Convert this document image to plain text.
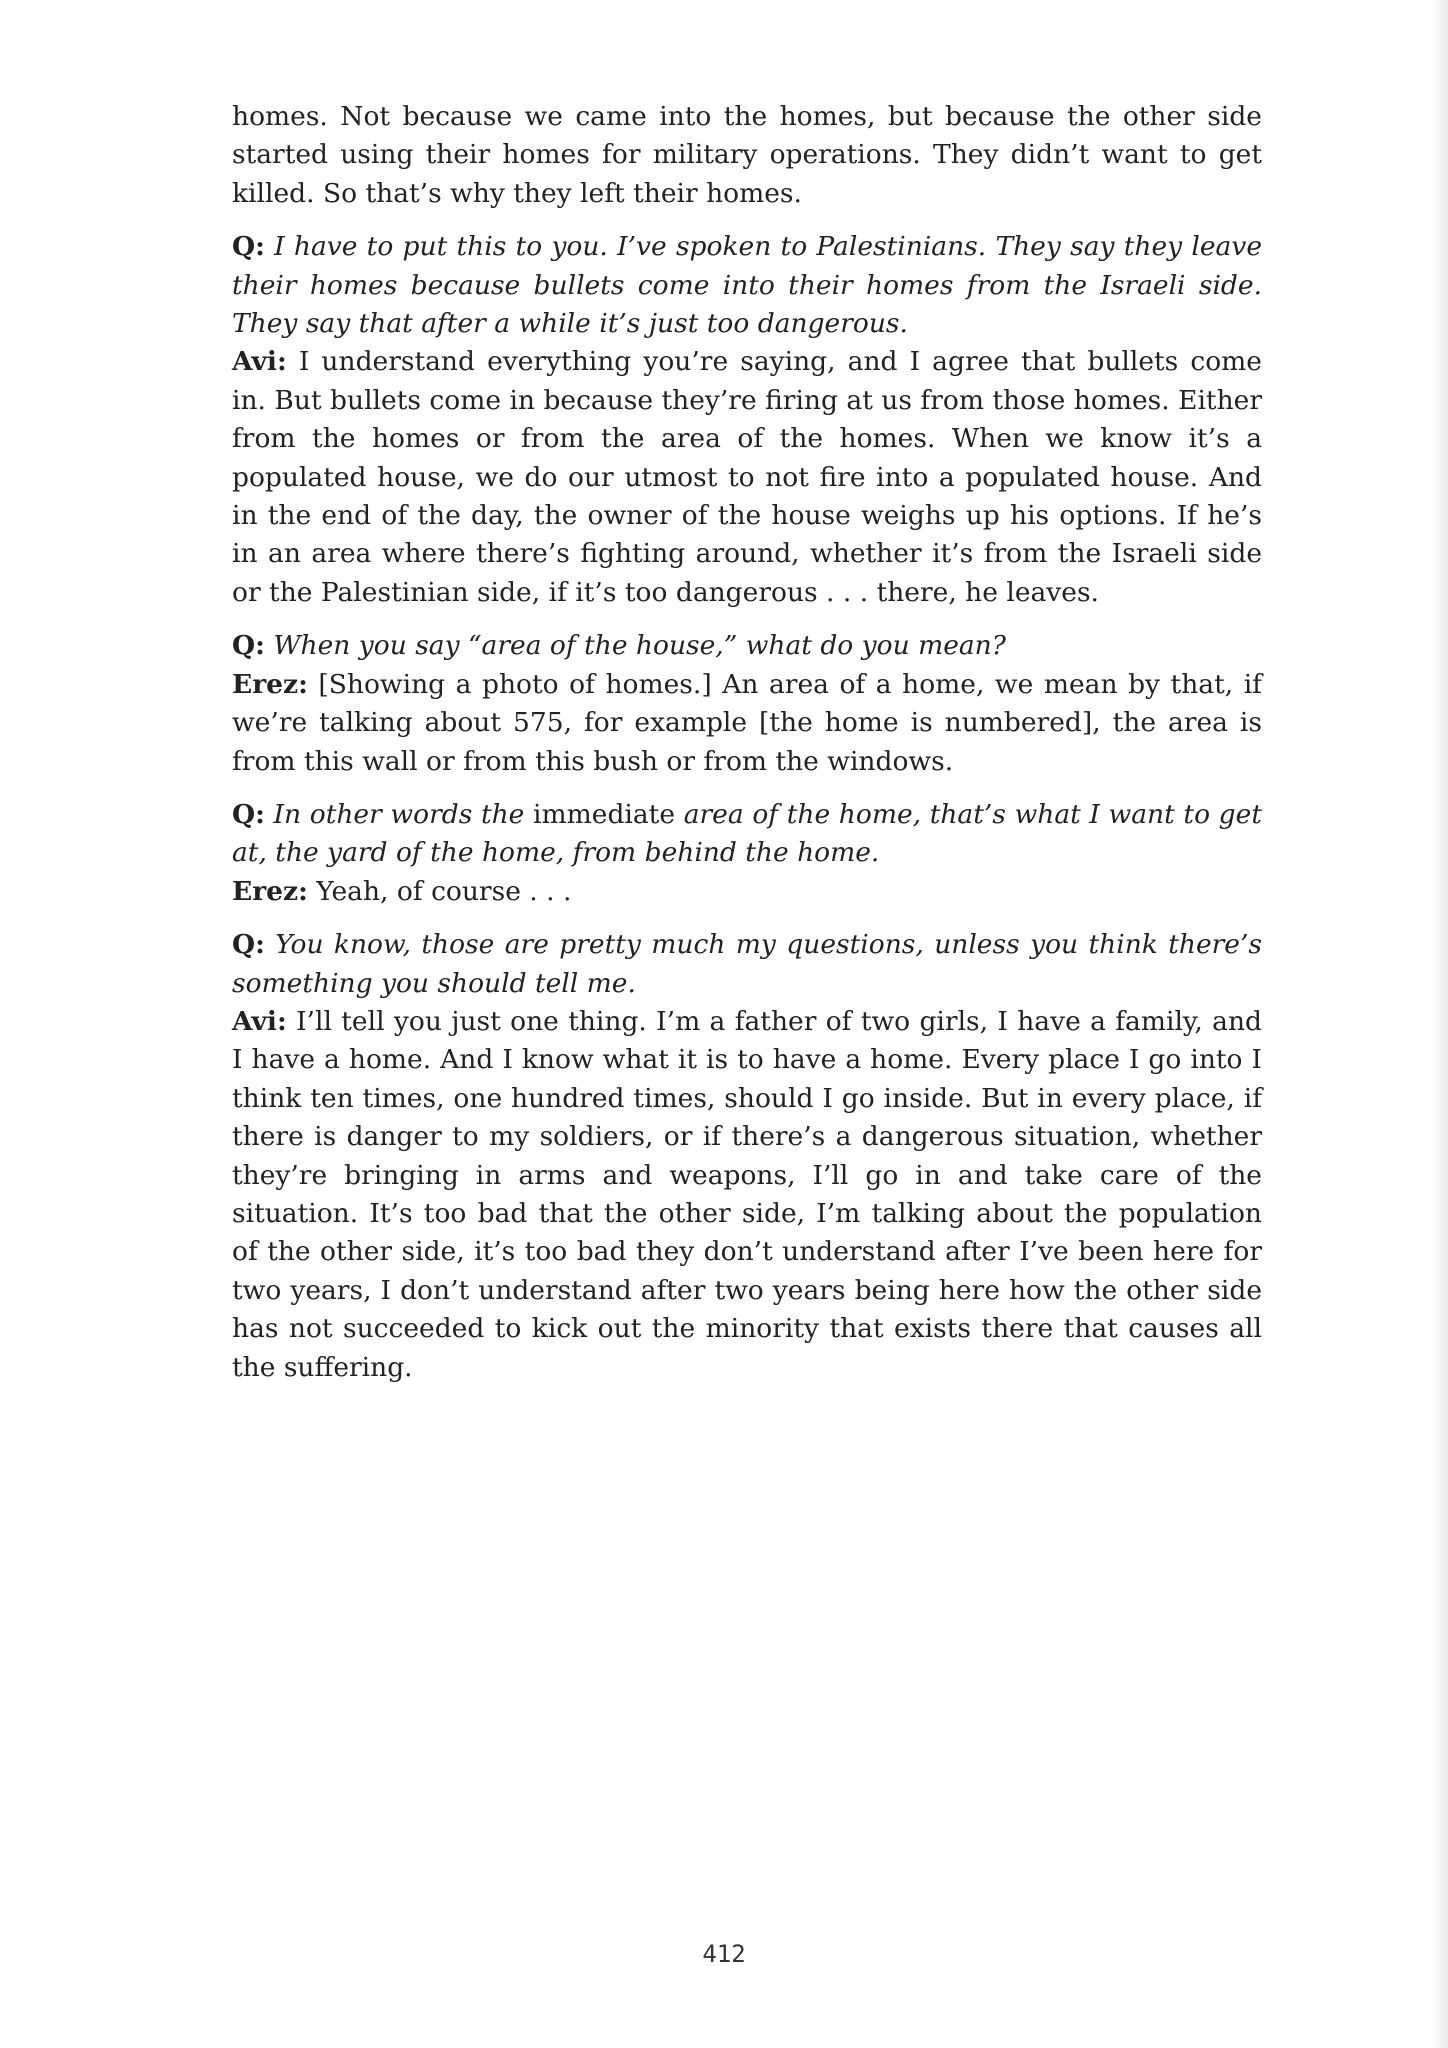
homes. Not because we came into the homes, but because the other side started using their homes for military operations. They didn’t want to get killed. So that’s why they left their homes.

Q: I have to put this to you. I’ve spoken to Palestinians. They say they leave their homes because bullets come into their homes from the Israeli side. They say that after a while it’s just too dangerous.

Avi: I understand everything you’re saying, and I agree that bullets come in. But bullets come in because they’re firing at us from those homes. Either from the homes or from the area of the homes. When we know it’s a populated house, we do our utmost to not fire into a populated house. And in the end of the day, the owner of the house weighs up his options. If he’s in an area where there’s fighting around, whether it’s from the Israeli side or the Palestinian side, if it’s too dangerous . . . there, he leaves.

Q: When you say “area of the house,” what do you mean?

Erez: [Showing a photo of homes.] An area of a home, we mean by that, if we’re talking about 575, for example [the home is numbered], the area is from this wall or from this bush or from the windows.

Q: In other words the immediate area of the home, that’s what I want to get at, the yard of the home, from behind the home.

Erez: Yeah, of course . . .

Q: You know, those are pretty much my questions, unless you think there’s something you should tell me.

Avi: I’ll tell you just one thing. I’m a father of two girls, I have a family, and I have a home. And I know what it is to have a home. Every place I go into I think ten times, one hundred times, should I go inside. But in every place, if there is danger to my soldiers, or if there’s a dangerous situation, whether they’re bringing in arms and weapons, I’ll go in and take care of the situation. It’s too bad that the other side, I’m talking about the population of the other side, it’s too bad they don’t understand after I’ve been here for two years, I don’t understand after two years being here how the other side has not succeeded to kick out the minority that exists there that causes all the suffering.

412
